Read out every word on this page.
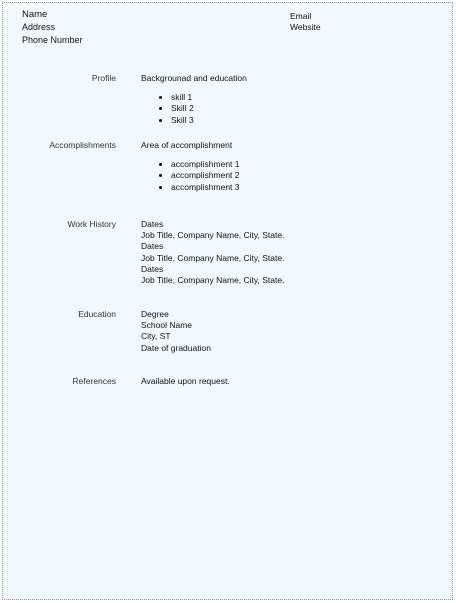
Name
Address
Phone Number
Email
Website
Profile	Backgrounad and education
• skill 1
• Skill 2
• Skill 3
Accomplishments	Area of accomplishment
• accomplishment 1
• accomplishment 2
• accomplishment 3
Work History	Dates
Job Title, Company Name, City, State.
Dates
Job Title, Company Name, City, State.
Dates
Job Title, Company Name, City, State.
Education	Degree
School Name
City, ST
Date of graduation
References	Available upon request.
